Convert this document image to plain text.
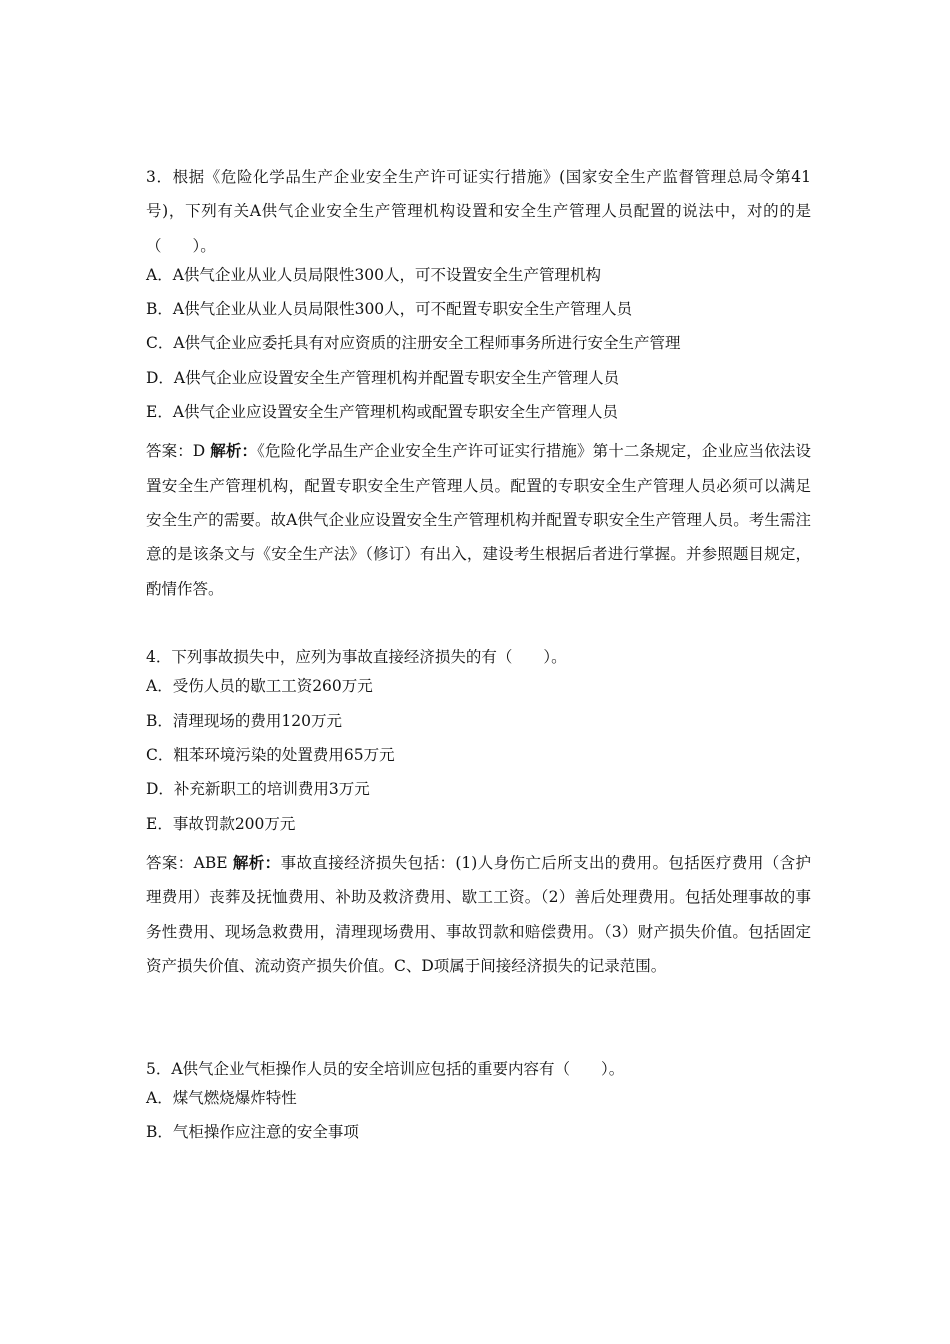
3．根据《危险化学品生产企业安全生产许可证实行措施》(国家安全生产监督管理总局令第41号)，下列有关A供气企业安全生产管理机构设置和安全生产管理人员配置的说法中，对的的是（　　）。
A．A供气企业从业人员局限性300人，可不设置安全生产管理机构
B．A供气企业从业人员局限性300人，可不配置专职安全生产管理人员
C．A供气企业应委托具有对应资质的注册安全工程师事务所进行安全生产管理
D．A供气企业应设置安全生产管理机构并配置专职安全生产管理人员
E．A供气企业应设置安全生产管理机构或配置专职安全生产管理人员
答案：D 解析：《危险化学品生产企业安全生产许可证实行措施》第十二条规定，企业应当依法设置安全生产管理机构，配置专职安全生产管理人员。配置的专职安全生产管理人员必须可以满足安全生产的需要。故A供气企业应设置安全生产管理机构并配置专职安全生产管理人员。考生需注意的是该条文与《安全生产法》（修订）有出入，建设考生根据后者进行掌握。并参照题目规定，酌情作答。
4．下列事故损失中，应列为事故直接经济损失的有（　　）。
A．受伤人员的歇工工资260万元
B．清理现场的费用120万元
C．粗苯环境污染的处置费用65万元
D．补充新职工的培训费用3万元
E．事故罚款200万元
答案：ABE 解析：事故直接经济损失包括：(1)人身伤亡后所支出的费用。包括医疗费用（含护理费用）丧葬及抚恤费用、补助及救济费用、歇工工资。（2）善后处理费用。包括处理事故的事务性费用、现场急救费用，清理现场费用、事故罚款和赔偿费用。（3）财产损失价值。包括固定资产损失价值、流动资产损失价值。C、D项属于间接经济损失的记录范围。
5．A供气企业气柜操作人员的安全培训应包括的重要内容有（　　）。
A．煤气燃烧爆炸特性
B．气柜操作应注意的安全事项
